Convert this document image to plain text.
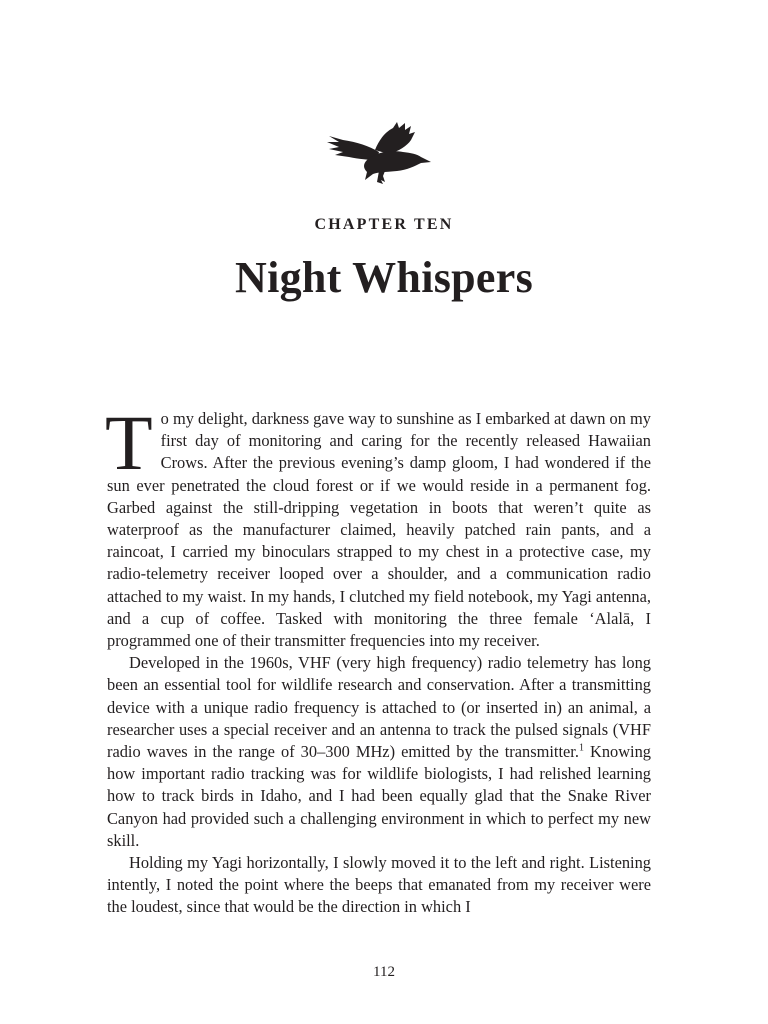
CHAPTER TEN
Night Whispers

To my delight, darkness gave way to sunshine as I embarked at dawn on my first day of monitoring and caring for the recently released Hawaiian Crows. After the previous evening’s damp gloom, I had wondered if the sun ever penetrated the cloud forest or if we would reside in a permanent fog. Garbed against the still-dripping vegetation in boots that weren’t quite as waterproof as the manufacturer claimed, heavily patched rain pants, and a raincoat, I carried my binoculars strapped to my chest in a protective case, my radio-telemetry receiver looped over a shoulder, and a communication radio attached to my waist. In my hands, I clutched my field notebook, my Yagi antenna, and a cup of coffee. Tasked with monitoring the three female ‘Alalā, I programmed one of their transmitter frequencies into my receiver.

Developed in the 1960s, VHF (very high frequency) radio telemetry has long been an essential tool for wildlife research and conservation. After a transmitting device with a unique radio frequency is attached to (or inserted in) an animal, a researcher uses a special receiver and an antenna to track the pulsed signals (VHF radio waves in the range of 30–300 MHz) emitted by the transmitter.$^1$ Knowing how important radio tracking was for wildlife biologists, I had relished learning how to track birds in Idaho, and I had been equally glad that the Snake River Canyon had provided such a challenging environment in which to perfect my new skill.

Holding my Yagi horizontally, I slowly moved it to the left and right. Listening intently, I noted the point where the beeps that emanated from my receiver were the loudest, since that would be the direction in which I

112
